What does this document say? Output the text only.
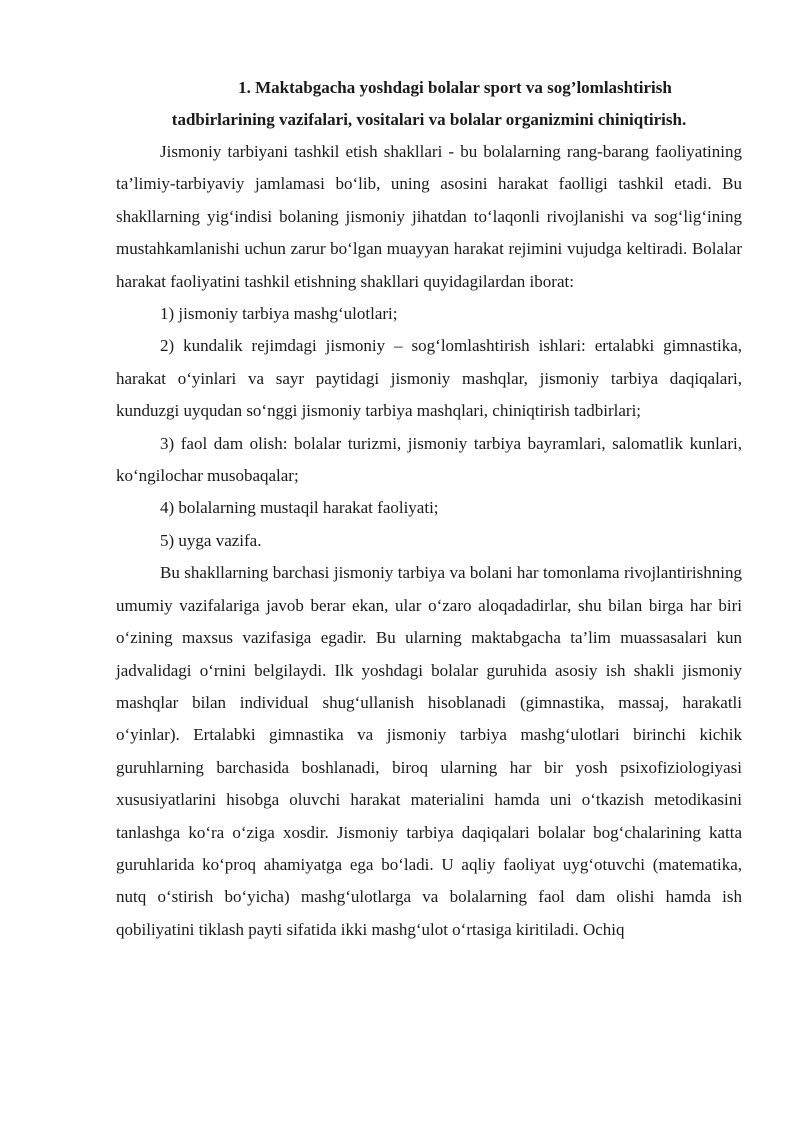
1. Maktabgacha yoshdagi bolalar sport va sog’lomlashtirish
tadbirlarining vazifalari, vositalari va bolalar organizmini chiniqtirish.

Jismoniy tarbiyani tashkil etish shakllari - bu bolalarning rang-barang faoliyatining ta’limiy-tarbiyaviy jamlamasi bo‘lib, uning asosini harakat faolligi tashkil etadi. Bu shakllarning yig‘indisi bolaning jismoniy jihatdan to‘laqonli rivojlanishi va sog‘lig‘ining mustahkamlanishi uchun zarur bo‘lgan muayyan harakat rejimini vujudga keltiradi. Bolalar harakat faoliyatini tashkil etishning shakllari quyidagilardan iborat:

1) jismoniy tarbiya mashg‘ulotlari;

2) kundalik rejimdagi jismoniy – sog‘lomlashtirish ishlari: ertalabki gimnastika, harakat o‘yinlari va sayr paytidagi jismoniy mashqlar, jismoniy tarbiya daqiqalari, kunduzgi uyqudan so‘nggi jismoniy tarbiya mashqlari, chiniqtirish tadbirlari;

3) faol dam olish: bolalar turizmi, jismoniy tarbiya bayramlari, salomatlik kunlari, ko‘ngilochar musobaqalar;

4) bolalarning mustaqil harakat faoliyati;

5) uyga vazifa.

Bu shakllarning barchasi jismoniy tarbiya va bolani har tomonlama rivojlantirishning umumiy vazifalariga javob berar ekan, ular o‘zaro aloqadadirlar, shu bilan birga har biri o‘zining maxsus vazifasiga egadir. Bu ularning maktabgacha ta’lim muassasalari kun jadvalidagi o‘rnini belgilaydi. Ilk yoshdagi bolalar guruhida asosiy ish shakli jismoniy mashqlar bilan individual shug‘ullanish hisoblanadi (gimnastika, massaj, harakatli o‘yinlar). Ertalabki gimnastika va jismoniy tarbiya mashg‘ulotlari birinchi kichik guruhlarning barchasida boshlanadi, biroq ularning har bir yosh psixofiziologiyasi xususiyatlarini hisobga oluvchi harakat materialini hamda uni o‘tkazish metodikasini tanlashga ko‘ra o‘ziga xosdir. Jismoniy tarbiya daqiqalari bolalar bog‘chalarining katta guruhlarida ko‘proq ahamiyatga ega bo‘ladi. U aqliy faoliyat uyg‘otuvchi (matematika, nutq o‘stirish bo‘yicha) mashg‘ulotlarga va bolalarning faol dam olishi hamda ish qobiliyatini tiklash payti sifatida ikki mashg‘ulot o‘rtasiga kiritiladi. Ochiq
